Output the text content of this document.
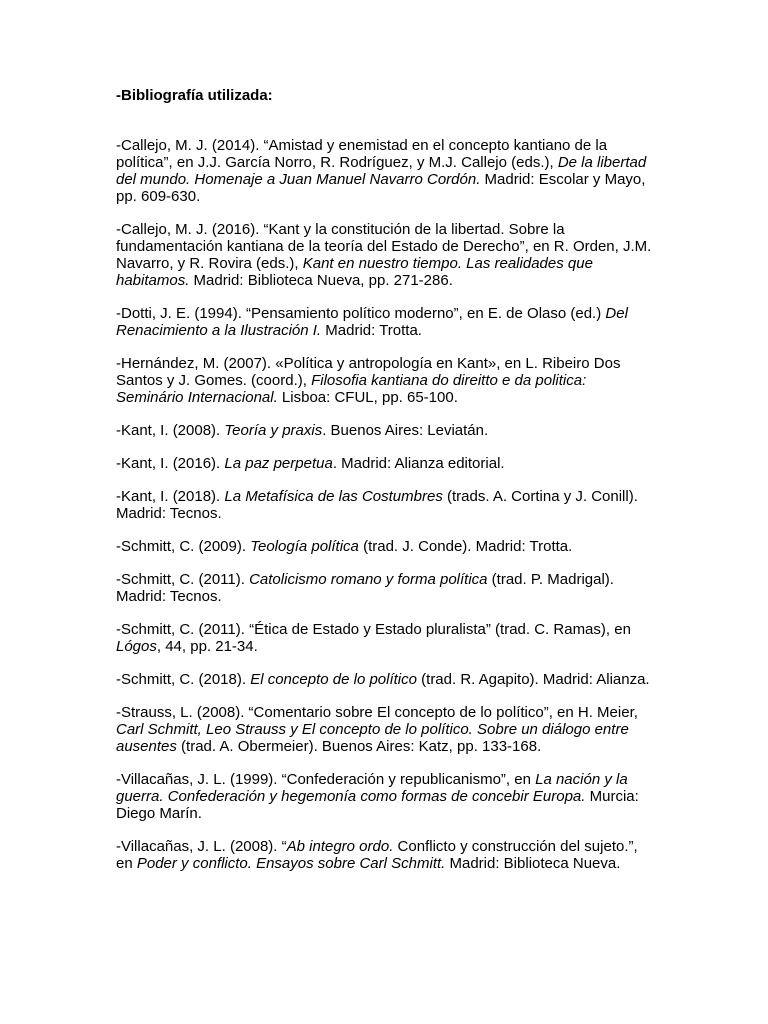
-Bibliografía utilizada:
-Callejo, M. J. (2014). “Amistad y enemistad en el concepto kantiano de la política”, en J.J. García Norro, R. Rodríguez, y M.J. Callejo (eds.), De la libertad del mundo. Homenaje a Juan Manuel Navarro Cordón. Madrid: Escolar y Mayo, pp. 609-630.
-Callejo, M. J. (2016). “Kant y la constitución de la libertad. Sobre la fundamentación kantiana de la teoría del Estado de Derecho”, en R. Orden, J.M. Navarro, y R. Rovira (eds.), Kant en nuestro tiempo. Las realidades que habitamos. Madrid: Biblioteca Nueva, pp. 271-286.
-Dotti, J. E. (1994). “Pensamiento político moderno”, en E. de Olaso (ed.) Del Renacimiento a la Ilustración I. Madrid: Trotta.
-Hernández, M. (2007). «Política y antropología en Kant», en L. Ribeiro Dos Santos y J. Gomes. (coord.), Filosofia kantiana do direitto e da politica: Seminário Internacional. Lisboa: CFUL, pp. 65-100.
-Kant, I. (2008). Teoría y praxis. Buenos Aires: Leviatán.
-Kant, I. (2016). La paz perpetua. Madrid: Alianza editorial.
-Kant, I. (2018). La Metafísica de las Costumbres (trads. A. Cortina y J. Conill). Madrid: Tecnos.
-Schmitt, C. (2009). Teología política (trad. J. Conde). Madrid: Trotta.
-Schmitt, C. (2011). Catolicismo romano y forma política (trad. P. Madrigal). Madrid: Tecnos.
-Schmitt, C. (2011). “Ética de Estado y Estado pluralista” (trad. C. Ramas), en Lógos, 44, pp. 21-34.
-Schmitt, C. (2018). El concepto de lo político (trad. R. Agapito). Madrid: Alianza.
-Strauss, L. (2008). “Comentario sobre El concepto de lo político”, en H. Meier, Carl Schmitt, Leo Strauss y El concepto de lo político. Sobre un diálogo entre ausentes (trad. A. Obermeier). Buenos Aires: Katz, pp. 133-168.
-Villacañas, J. L. (1999). “Confederación y republicanismo”, en La nación y la guerra. Confederación y hegemonía como formas de concebir Europa. Murcia: Diego Marín.
-Villacañas, J. L. (2008). “Ab integro ordo. Conflicto y construcción del sujeto.”, en Poder y conflicto. Ensayos sobre Carl Schmitt. Madrid: Biblioteca Nueva.
